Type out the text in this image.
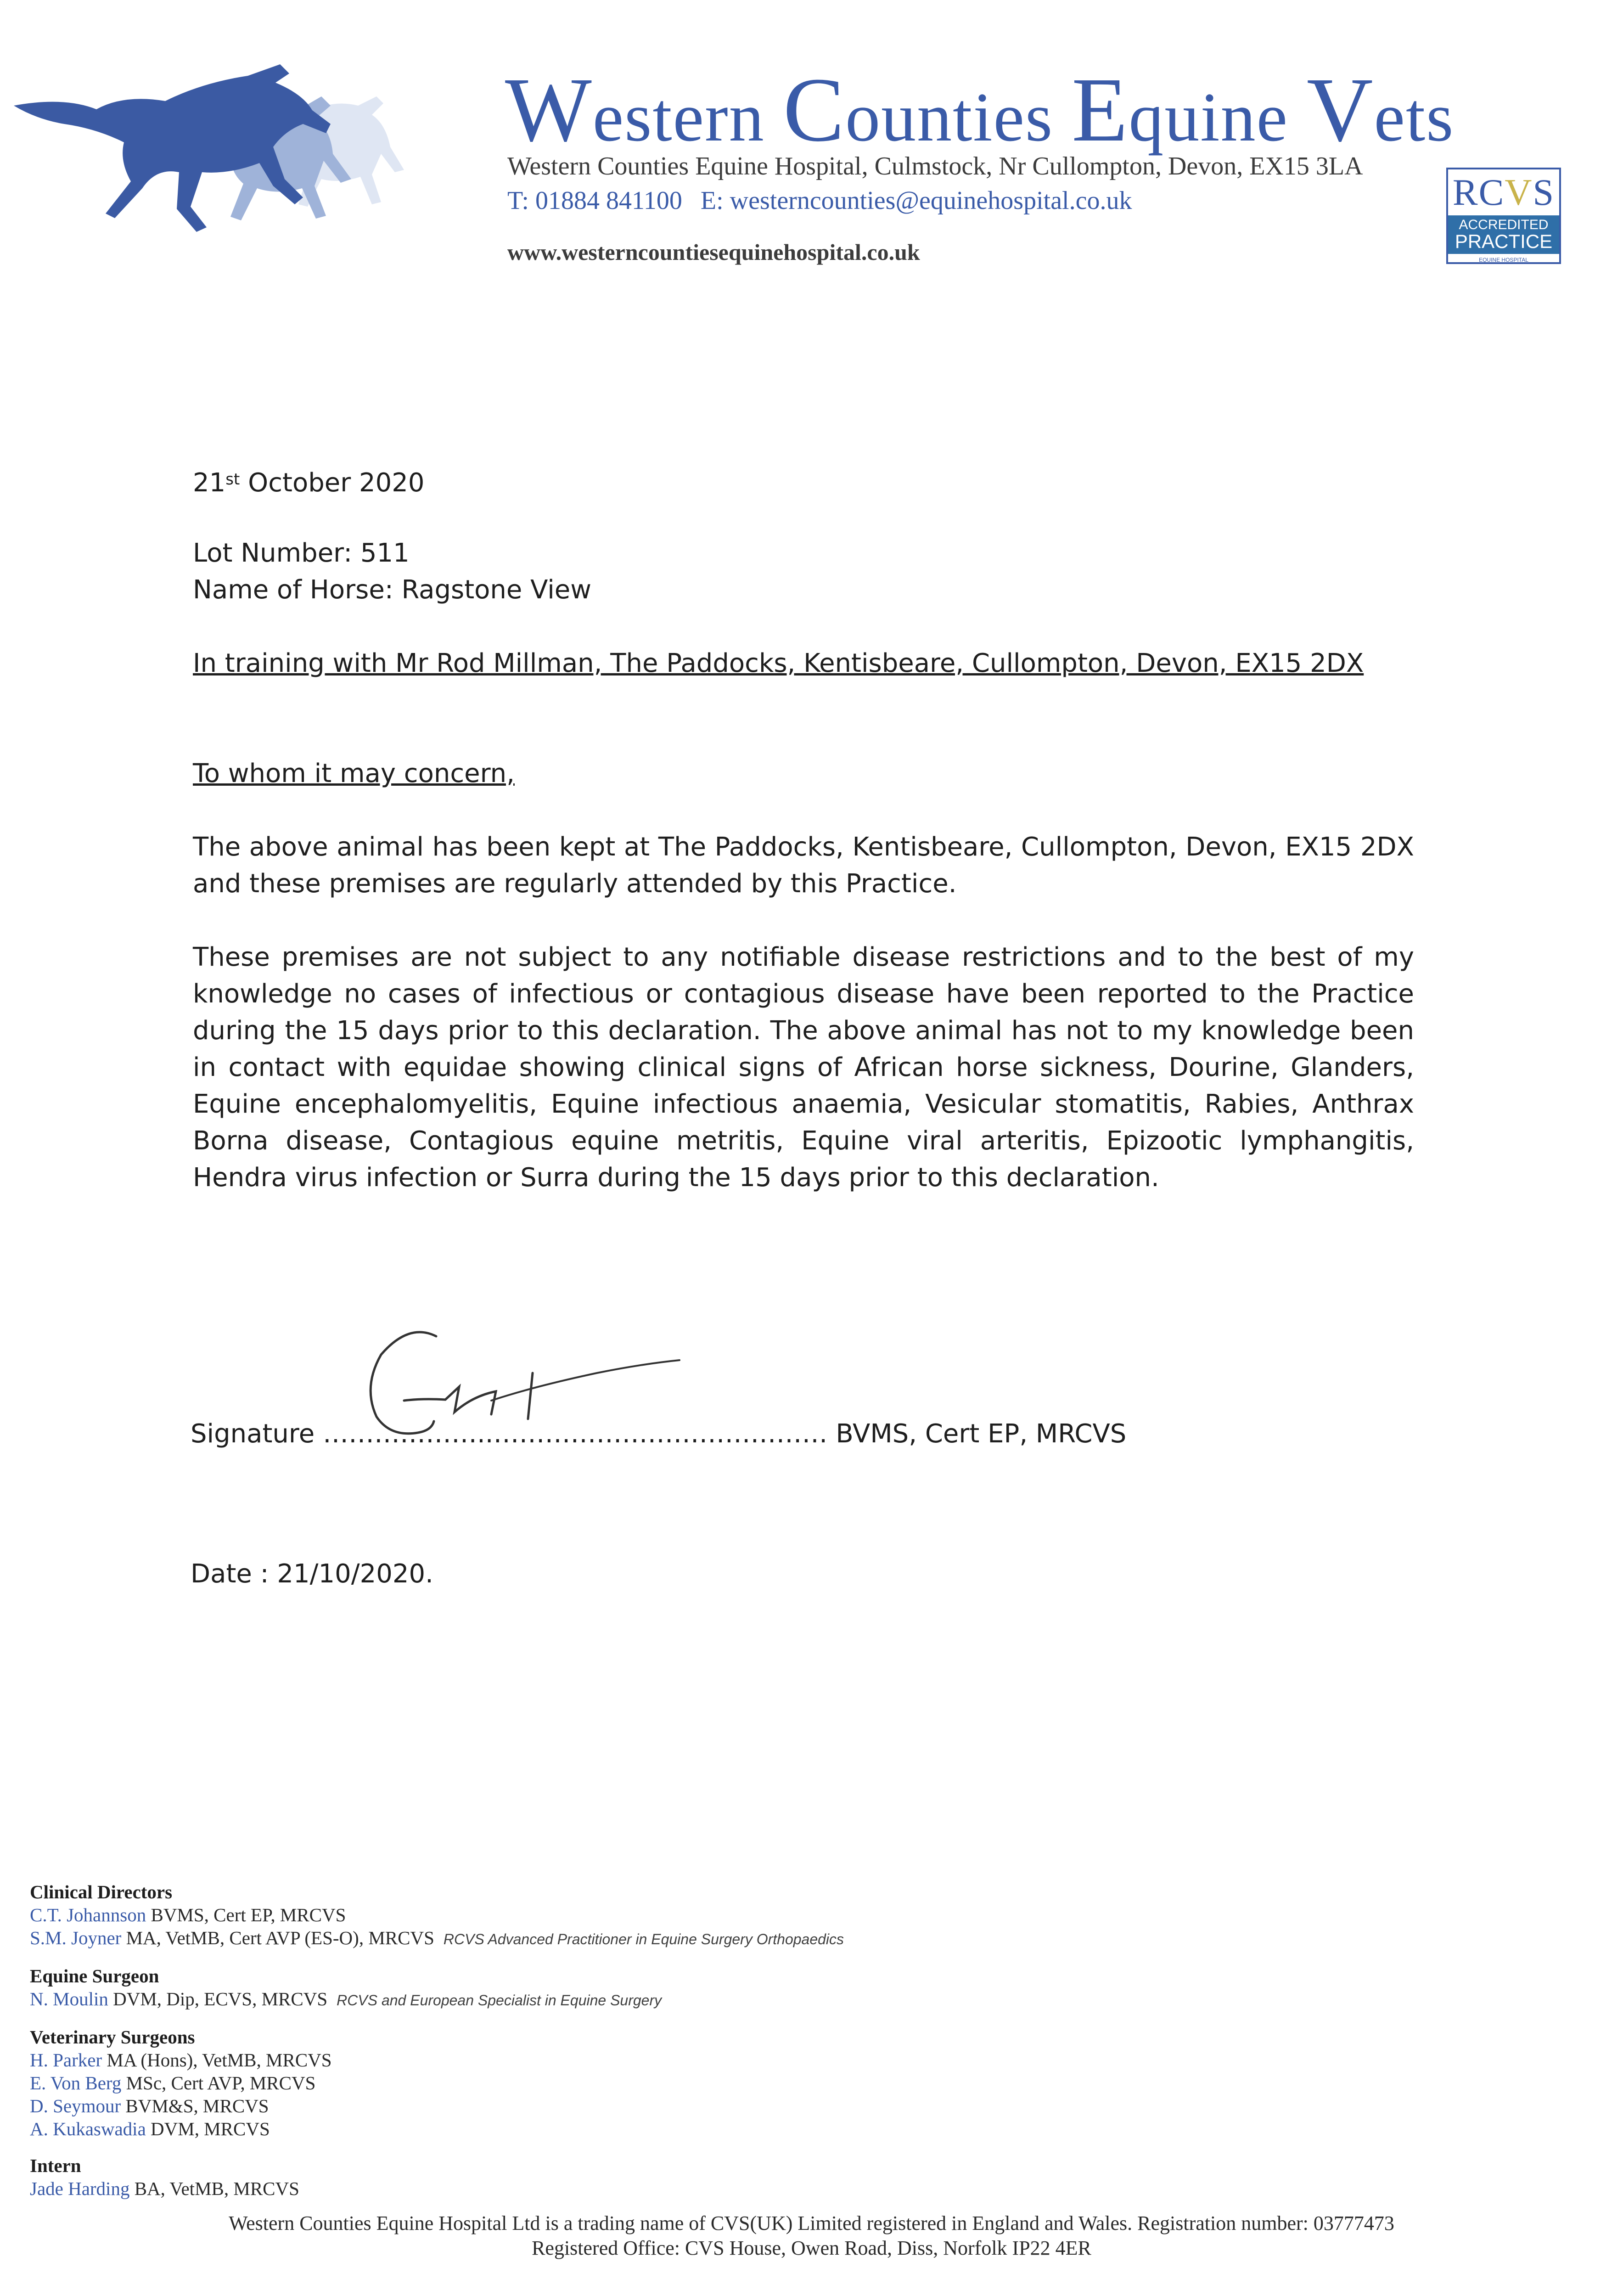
Western Counties Equine Vets
Western Counties Equine Hospital, Culmstock, Nr Cullompton, Devon, EX15 3LA
T: 01884 841100 E: westerncounties@equinehospital.co.uk
www.westerncountiesequinehospital.co.uk
RC V S
ACCREDITED
PRACTICE
EQUINE HOSPITAL
21st October 2020
Lot Number: 511
Name of Horse: Ragstone View
In training with Mr Rod Millman, The Paddocks, Kentisbeare, Cullompton, Devon, EX15 2DX
To whom it may concern,
The above animal has been kept at The Paddocks, Kentisbeare, Cullompton, Devon, EX15 2DX and these premises are regularly attended by this Practice.
These premises are not subject to any notifiable disease restrictions and to the best of my knowledge no cases of infectious or contagious disease have been reported to the Practice during the 15 days prior to this declaration. The above animal has not to my knowledge been in contact with equidae showing clinical signs of African horse sickness, Dourine, Glanders, Equine encephalomyelitis, Equine infectious anaemia, Vesicular stomatitis, Rabies, Anthrax Borna disease, Contagious equine metritis, Equine viral arteritis, Epizootic lymphangitis, Hendra virus infection or Surra during the 15 days prior to this declaration.
Signature ………………..………………………………… BVMS, Cert EP, MRCVS
Date : 21/10/2020.
Clinical Directors
C.T. Johannson BVMS, Cert EP, MRCVS
S.M. Joyner MA, VetMB, Cert AVP (ES-O), MRCVS RCVS Advanced Practitioner in Equine Surgery Orthopaedics
Equine Surgeon
N. Moulin DVM, Dip, ECVS, MRCVS RCVS and European Specialist in Equine Surgery
Veterinary Surgeons
H. Parker MA (Hons), VetMB, MRCVS
E. Von Berg MSc, Cert AVP, MRCVS
D. Seymour BVM&S, MRCVS
A. Kukaswadia DVM, MRCVS
Intern
Jade Harding BA, VetMB, MRCVS
Western Counties Equine Hospital Ltd is a trading name of CVS(UK) Limited registered in England and Wales. Registration number: 03777473
Registered Office: CVS House, Owen Road, Diss, Norfolk IP22 4ER
